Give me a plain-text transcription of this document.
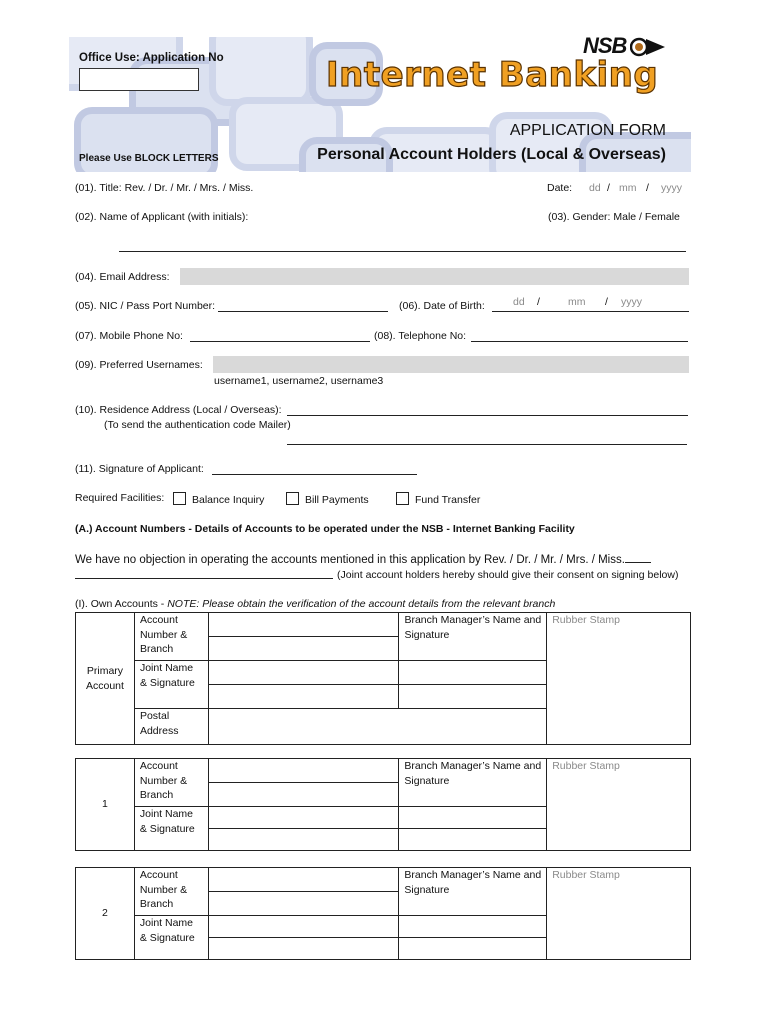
Office Use: Application No
Please Use BLOCK LETTERS
NSB
Internet Banking
APPLICATION FORM
Personal Account Holders (Local & Overseas)
(01). Title: Rev. / Dr. / Mr. / Mrs. / Miss.	Date: dd / mm / yyyy
(02). Name of Applicant (with initials):	(03). Gender: Male / Female
(04). Email Address:
(05). NIC / Pass Port Number:	(06). Date of Birth:	dd /	mm / yyyy
(07). Mobile Phone No:	(08). Telephone No:
(09). Preferred Usernames:
username1, username2, username3
(10). Residence Address (Local / Overseas):
(To send the authentication code Mailer)
(11). Signature of Applicant:
Required Facilities:	Balance Inquiry	Bill Payments	Fund Transfer
(A.) Account Numbers - Details of Accounts to be operated under the NSB - Internet Banking Facility
We have no objection in operating the accounts mentioned in this application by Rev. / Dr. / Mr. / Mrs. / Miss.
(Joint account holders hereby should give their consent on signing below)
(I). Own Accounts - NOTE: Please obtain the verification of the account details from the relevant branch
Primary Account	Account Number & Branch		Branch Manager’s Name and Signature	Rubber Stamp

	Joint Name & Signature			

	Postal Address			
1	Account Number & Branch		Branch Manager’s Name and Signature	Rubber Stamp

	Joint Name & Signature			

2	Account Number & Branch		Branch Manager’s Name and Signature	Rubber Stamp

	Joint Name & Signature			
